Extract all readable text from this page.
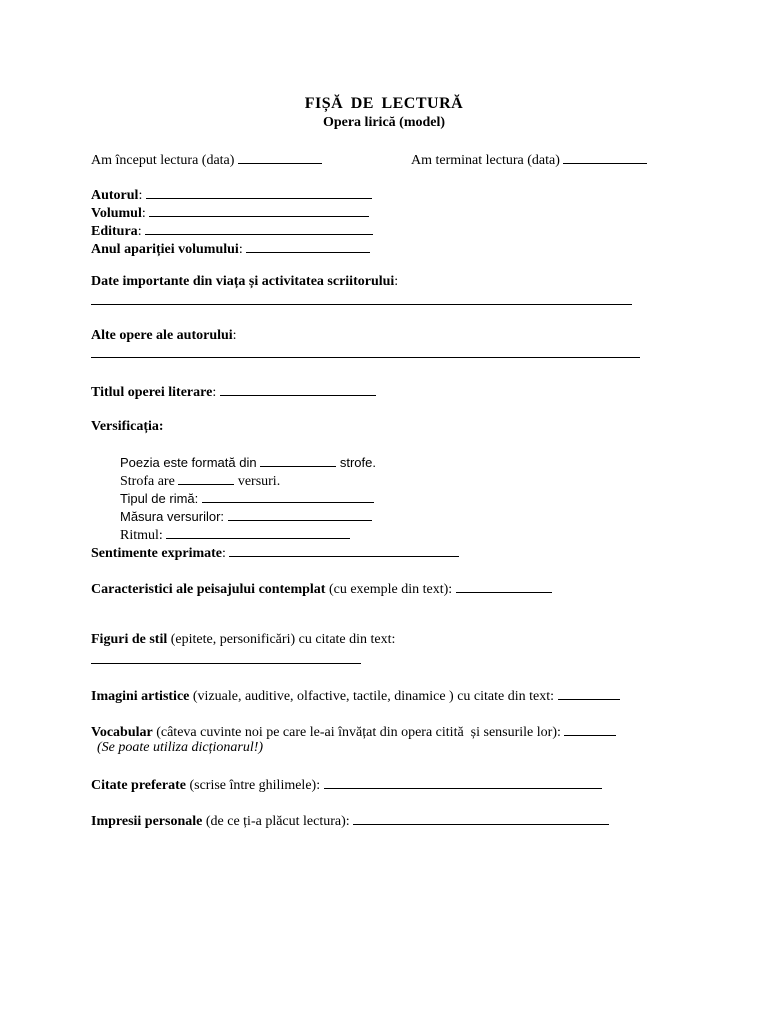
FIȘĂ DE LECTURĂ
Opera lirică (model)
Am început lectura (data)	Am terminat lectura (data)
Autorul:
Volumul:
Editura:
Anul apariției volumului:
Date importante din viața și activitatea scriitorului:
Alte opere ale autorului:
Titlul operei literare:
Versificația:
Poezia este formată din	strofe.
Strofa are	versuri.
Tipul de rimă:
Măsura versurilor:
Ritmul:
Sentimente exprimate:
Caracteristici ale peisajului contemplat (cu exemple din text):
Figuri de stil (epitete, personificări) cu citate din text:
Imagini artistice (vizuale, auditive, olfactive, tactile, dinamice ) cu citate din text:
Vocabular (câteva cuvinte noi pe care le-ai învățat din opera citită  și sensurile lor):
(Se poate utiliza dicționarul!)
Citate preferate (scrise între ghilimele):
Impresii personale (de ce ți-a plăcut lectura):
